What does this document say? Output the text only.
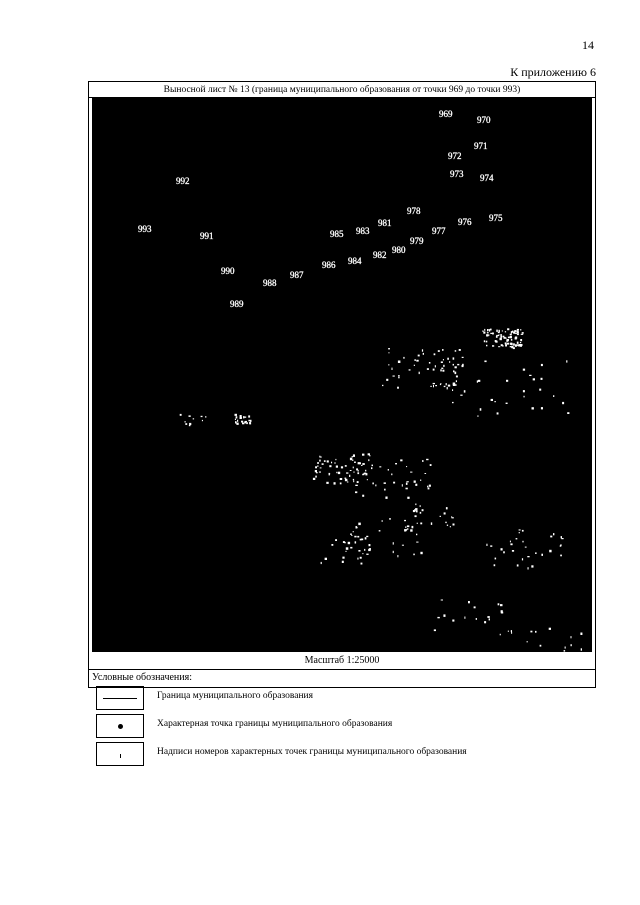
14
К приложению 6
Выносной лист № 13 (граница муниципального образования от точки 969 до точки 993)
969
970
971
972
973 974
975
976
977
978
979
980
981
982
983
984
985
986
987
988
989
990
991
992
993
Масштаб 1:25000
Условные обозначения:
Граница муниципального образования
Характерная точка границы муниципального образования
Надписи номеров характерных точек границы муниципального образования
